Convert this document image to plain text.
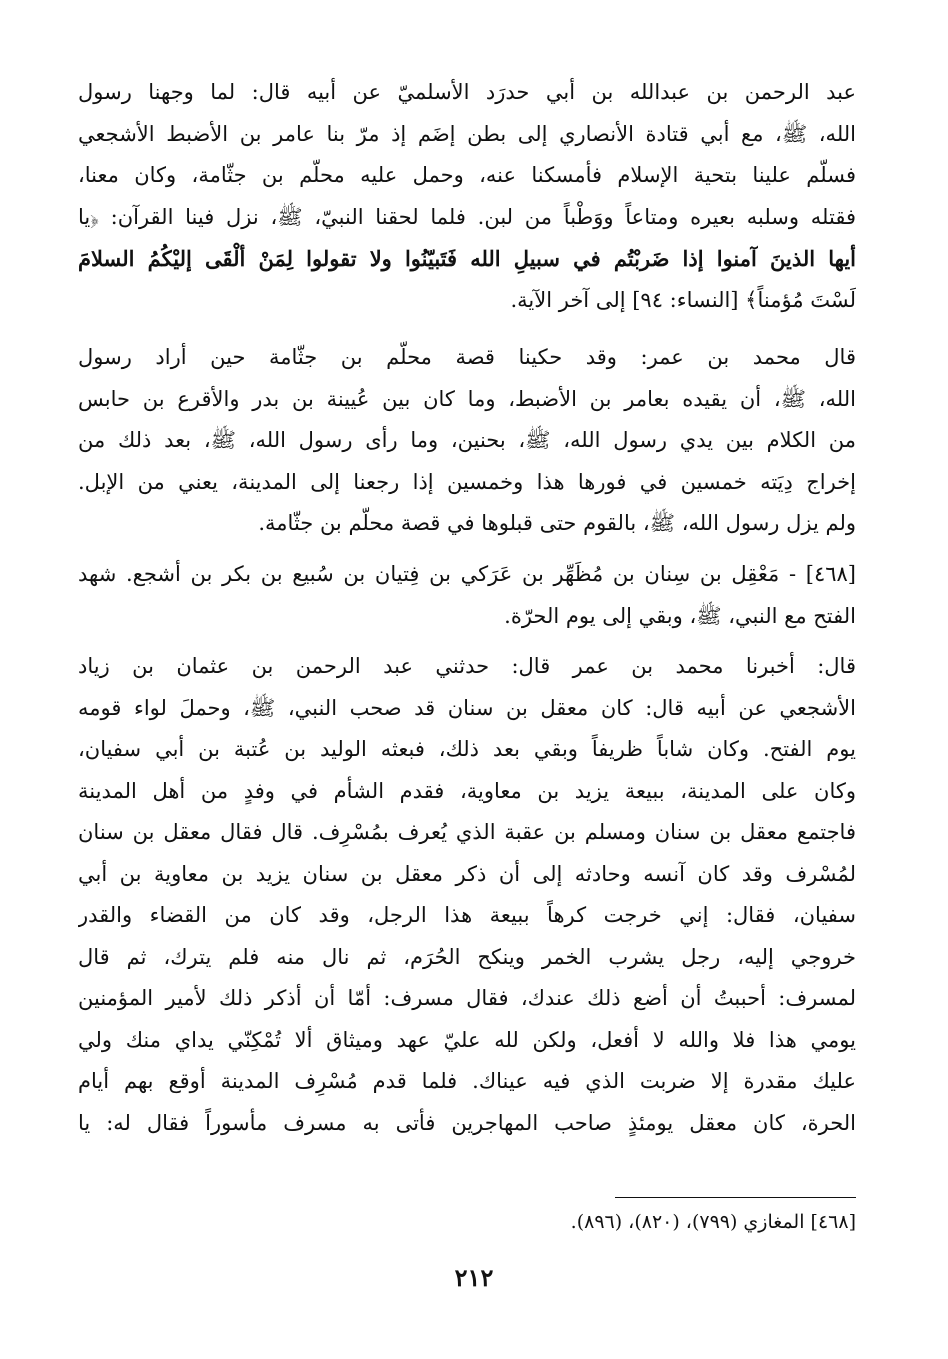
عبد الرحمن بن عبدالله بن أبي حدرَد الأسلميّ عن أبيه قال: لما وجهنا رسول
الله، ﷺ، مع أبي قتادة الأنصاري إلى بطن إضَم إذ مرّ بنا عامر بن الأضبط الأشجعي
فسلّم علينا بتحية الإسلام فأمسكنا عنه، وحمل عليه محلّم بن جثّامة، وكان معنا،
فقتله وسلبه بعيره ومتاعاً ووَطْباً من لبن. فلما لحقنا النبيّ، ﷺ، نزل فينا القرآن: ﴿يا
أيها الذينَ آمنوا إذا ضَربْتُم في سبيلِ الله فَتَبيّنُوا ولا تقولوا لِمَنْ ألْقَى إليْكُمُ السلامَ
لَسْتَ مُؤمناً﴾ [النساء: ٩٤] إلى آخر الآية.
قال محمد بن عمر: وقد حكينا قصة محلّم بن جثّامة حين أراد رسول
الله، ﷺ، أن يقيده بعامر بن الأضبط، وما كان بين عُيينة بن بدر والأقرع بن حابس
من الكلام بين يدي رسول الله، ﷺ، بحنين، وما رأى رسول الله، ﷺ، بعد ذلك من
إخراج دِيَته خمسين في فورها هذا وخمسين إذا رجعنا إلى المدينة، يعني من الإبل.
ولم يزل رسول الله، ﷺ، بالقوم حتى قبلوها في قصة محلّم بن جثّامة.
[٤٦٨] - مَعْقِل بن سِنان بن مُظَهِّر بن عَرَكي بن فِتيان بن سُبيع بن بكر بن أشجع. شهد
الفتح مع النبي، ﷺ، وبقي إلى يوم الحرّة.
قال: أخبرنا محمد بن عمر قال: حدثني عبد الرحمن بن عثمان بن زياد
الأشجعي عن أبيه قال: كان معقل بن سنان قد صحب النبي، ﷺ، وحملَ لواء قومه
يوم الفتح. وكان شاباً ظريفاً وبقي بعد ذلك، فبعثه الوليد بن عُتبة بن أبي سفيان،
وكان على المدينة، ببيعة يزيد بن معاوية، فقدم الشأم في وفدٍ من أهل المدينة
فاجتمع معقل بن سنان ومسلم بن عقبة الذي يُعرف بمُسْرِف. قال فقال معقل بن سنان
لمُسْرف وقد كان آنسه وحادثه إلى أن ذكر معقل بن سنان يزيد بن معاوية بن أبي
سفيان، فقال: إني خرجت كرهاً ببيعة هذا الرجل، وقد كان من القضاء والقدر
خروجي إليه، رجل يشرب الخمر وينكح الحُرَم، ثم نال منه فلم يترك، ثم قال
لمسرف: أحببتُ أن أضع ذلك عندك، فقال مسرف: أمّا أن أذكر ذلك لأمير المؤمنين
يومي هذا فلا والله لا أفعل، ولكن لله عليّ عهد وميثاق ألا تُمْكِنّي يداي منك ولي
عليك مقدرة إلا ضربت الذي فيه عيناك. فلما قدم مُسْرِف المدينة أوقع بهم أيام
الحرة، كان معقل يومئذٍ صاحب المهاجرين فأتى به مسرف مأسوراً فقال له: يا
[٤٦٨] المغازي (٧٩٩)، (٨٢٠)، (٨٩٦).
٢١٢
